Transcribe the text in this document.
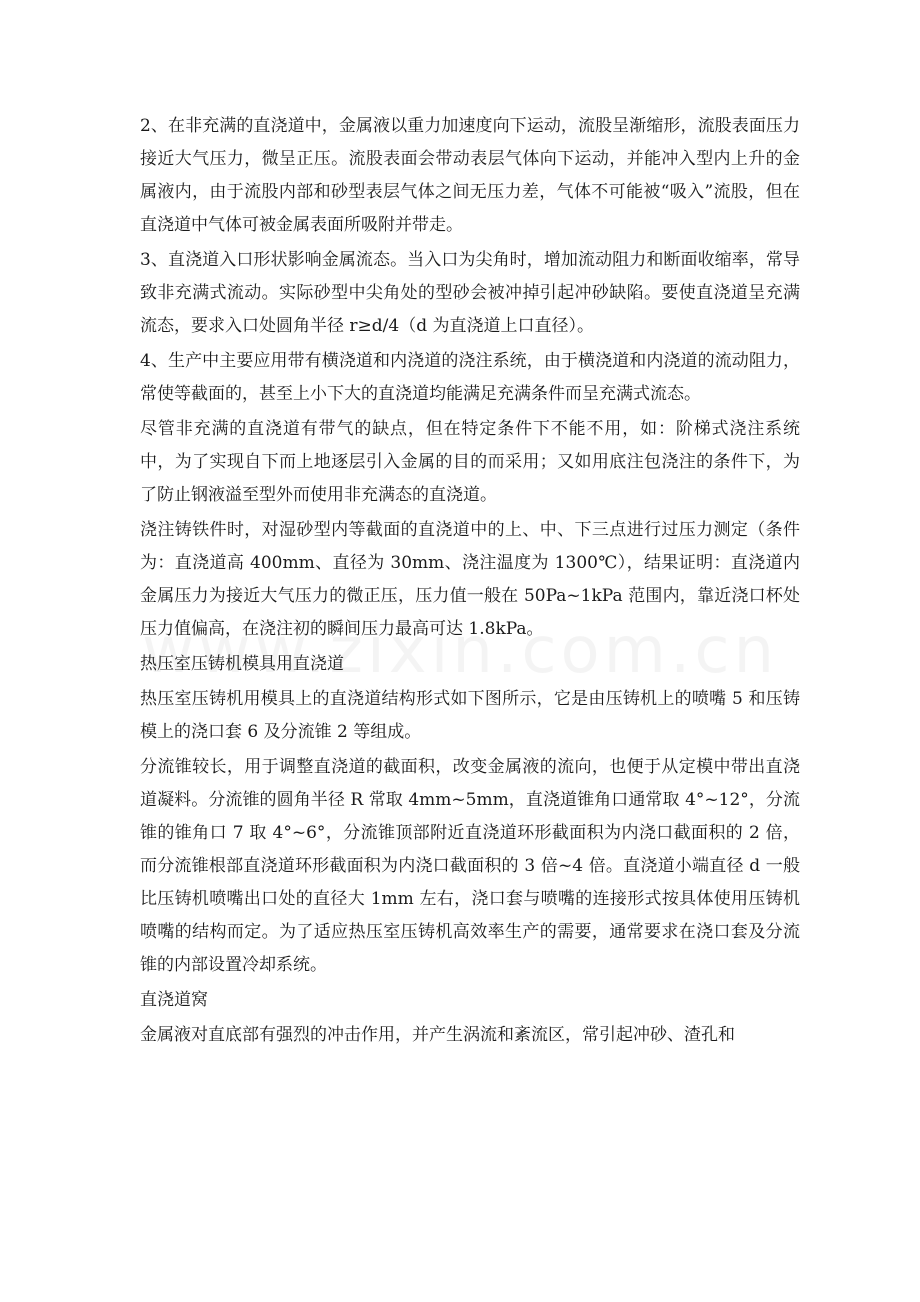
2、在非充满的直浇道中，金属液以重力加速度向下运动，流股呈渐缩形，流股表面压力接近大气压力，微呈正压。流股表面会带动表层气体向下运动，并能冲入型内上升的金属液内，由于流股内部和砂型表层气体之间无压力差，气体不可能被“吸入”流股，但在直浇道中气体可被金属表面所吸附并带走。

3、直浇道入口形状影响金属流态。当入口为尖角时，增加流动阻力和断面收缩率，常导致非充满式流动。实际砂型中尖角处的型砂会被冲掉引起冲砂缺陷。要使直浇道呈充满流态，要求入口处圆角半径 r≥d/4（d 为直浇道上口直径）。

4、生产中主要应用带有横浇道和内浇道的浇注系统，由于横浇道和内浇道的流动阻力，常使等截面的，甚至上小下大的直浇道均能满足充满条件而呈充满式流态。

尽管非充满的直浇道有带气的缺点，但在特定条件下不能不用，如：阶梯式浇注系统中，为了实现自下而上地逐层引入金属的目的而采用；又如用底注包浇注的条件下，为了防止钢液溢至型外而使用非充满态的直浇道。

浇注铸铁件时，对湿砂型内等截面的直浇道中的上、中、下三点进行过压力测定（条件为：直浇道高 400mm、直径为 30mm、浇注温度为 1300℃），结果证明：直浇道内金属压力为接近大气压力的微正压，压力值一般在 50Pa~1kPa 范围内，靠近浇口杯处压力值偏高，在浇注初的瞬间压力最高可达 1.8kPa。

热压室压铸机模具用直浇道

热压室压铸机用模具上的直浇道结构形式如下图所示，它是由压铸机上的喷嘴 5 和压铸模上的浇口套 6 及分流锥 2 等组成。

分流锥较长，用于调整直浇道的截面积，改变金属液的流向，也便于从定模中带出直浇道凝料。分流锥的圆角半径 R 常取 4mm~5mm，直浇道锥角口通常取 4°~12°，分流锥的锥角口 7 取 4°~6°，分流锥顶部附近直浇道环形截面积为内浇口截面积的 2 倍，而分流锥根部直浇道环形截面积为内浇口截面积的 3 倍~4 倍。直浇道小端直径 d 一般比压铸机喷嘴出口处的直径大 1mm 左右，浇口套与喷嘴的连接形式按具体使用压铸机喷嘴的结构而定。为了适应热压室压铸机高效率生产的需要，通常要求在浇口套及分流锥的内部设置冷却系统。

直浇道窝

金属液对直底部有强烈的冲击作用，并产生涡流和紊流区，常引起冲砂、渣孔和
